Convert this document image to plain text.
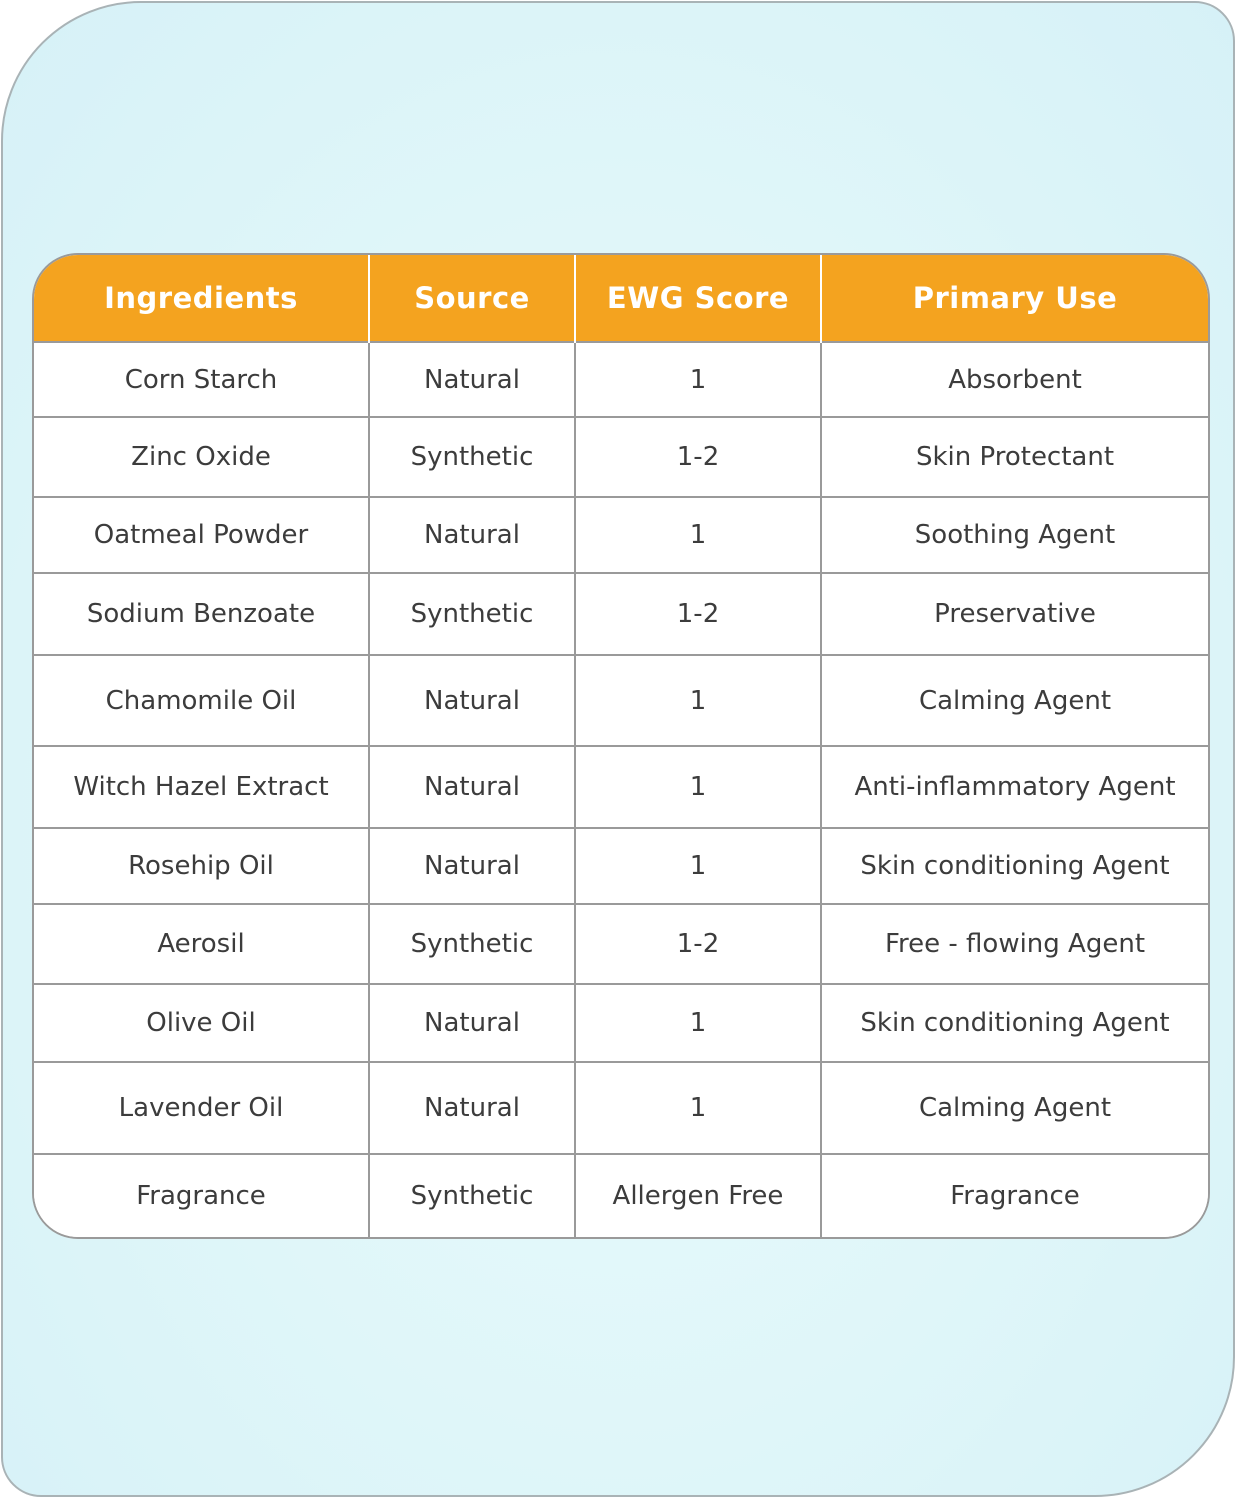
Ingredients	Source	EWG Score	Primary Use
Corn Starch	Natural	1	Absorbent
Zinc Oxide	Synthetic	1-2	Skin Protectant
Oatmeal Powder	Natural	1	Soothing Agent
Sodium Benzoate	Synthetic	1-2	Preservative
Chamomile Oil	Natural	1	Calming Agent
Witch Hazel Extract	Natural	1	Anti-inflammatory Agent
Rosehip Oil	Natural	1	Skin conditioning Agent
Aerosil	Synthetic	1-2	Free - flowing Agent
Olive Oil	Natural	1	Skin conditioning Agent
Lavender Oil	Natural	1	Calming Agent
Fragrance	Synthetic	Allergen Free	Fragrance
